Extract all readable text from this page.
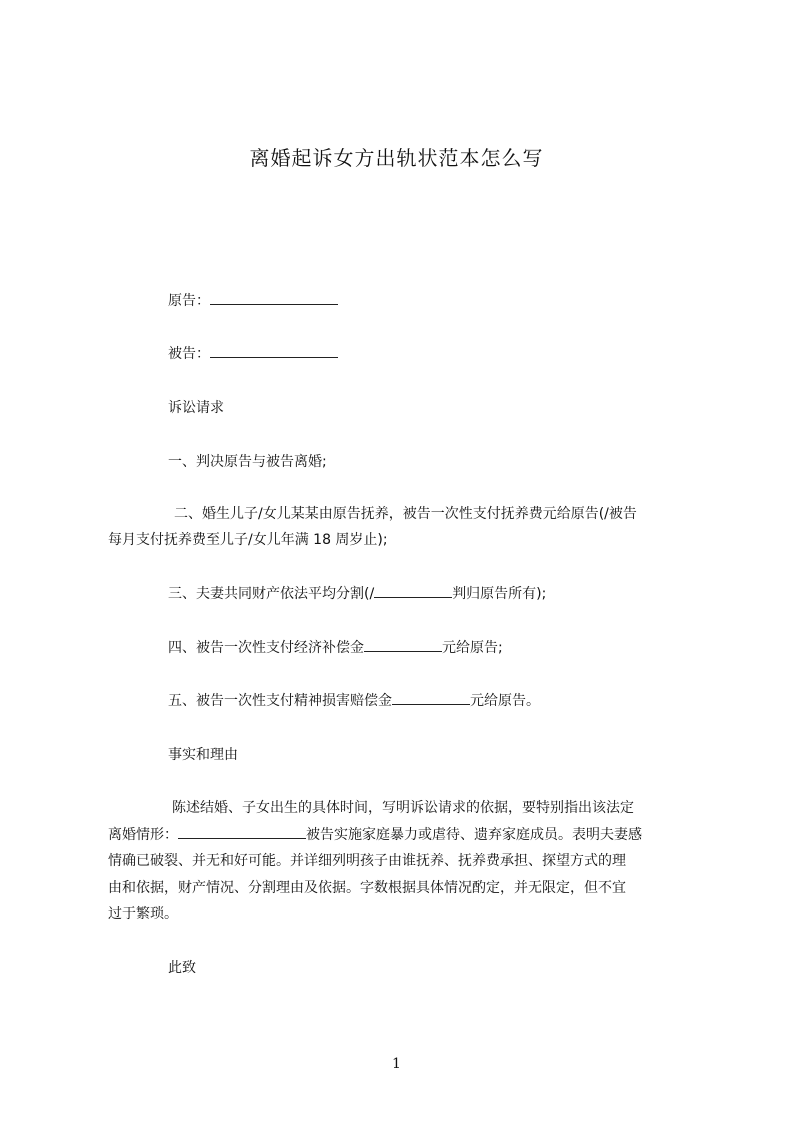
离婚起诉女方出轨状范本怎么写

原告：

被告：

诉讼请求

一、判决原告与被告离婚;

二、婚生儿子/女儿某某由原告抚养，被告一次性支付抚养费元给原告(/被告

每月支付抚养费至儿子/女儿年满 18 周岁止);

三、夫妻共同财产依法平均分割(/	判归原告所有);

四、被告一次性支付经济补偿金	元给原告;

五、被告一次性支付精神损害赔偿金	元给原告。

事实和理由

陈述结婚、子女出生的具体时间，写明诉讼请求的依据，要特别指出该法定

离婚情形：	被告实施家庭暴力或虐待、遗弃家庭成员。表明夫妻感

情确已破裂、并无和好可能。并详细列明孩子由谁抚养、抚养费承担、探望方式的理

由和依据，财产情况、分割理由及依据。字数根据具体情况酌定，并无限定，但不宜

过于繁琐。

此致

1
